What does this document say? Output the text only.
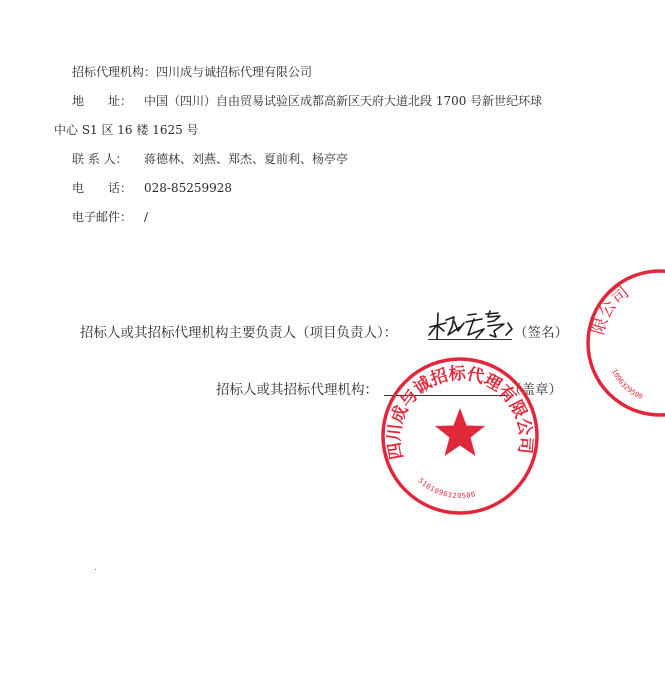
招标代理机构：四川成与诚招标代理有限公司
地　　址： 中国（四川）自由贸易试验区成都高新区天府大道北段 1700 号新世纪环球
中心 S1 区 16 楼 1625 号
联 系 人： 蒋德林、刘燕、郑杰、夏前利、杨亭亭
电　　话： 028-85259928
电子邮件： /
招标人或其招标代理机构主要负责人（项目负责人）：	（签名）
招标人或其招标代理机构：	（盖章）
限公司
1096329500
四川成与诚招标代理有限公司
5101096329500
